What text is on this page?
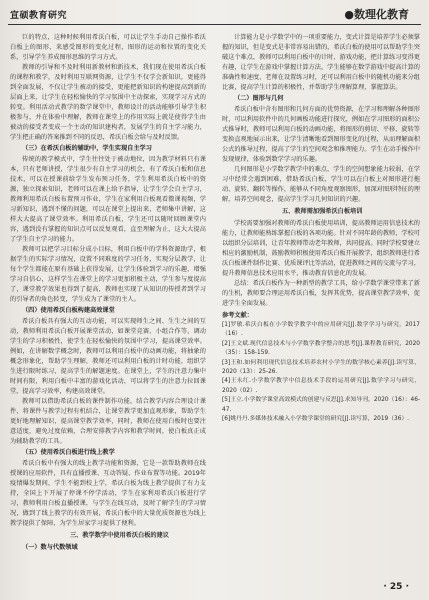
宣硕教育研究	●数理化教育

巨的特点，这种时候利用希沃白板，可以让学生手动自己操作希沃白板上的图形，来感受图形的变化过程，图形的运动和位置的变化关系，引导学生养成图形思维的学习方式。

教师的引导和不及时利用新教材和新技术，我们现在使用希沃白板的课程和教学，及时利用互联网资源，让学生不仅学会新知识，更能得到全面发展，不仅让学生被动的接受，更能把新知识的构建提高到新的层面上来，让学生在轻松愉快的学习氛围中主动探索，实现学习方式的转变。利用活动式教学的数学课堂中，教师设计的活动能够引导学生积极参与，并在体验中理解，教师在课堂上的作用实际上就是使得学生由被动的接受者变成一个主动的知识建构者，发展学生的自主学习能力，学生把正确的答案推到不同的反思，希沃白板会给与及时反馈。

（三）在希沃白板的辅助中，学生实现自主学习

传统的教学模式中，学生往往处于被动地位，因为教学材料只有课本，只有老师讲授，学生很少有自主学习的机会，有了希沃白板和信息技术，可以在授课前给学生发布预习任务，学生利用希沃白板中的资源，独立探索知识，老师可以在课上给予指导，让学生学会自主学习，教师利用希沃白板布置预习作业，学生在家利用白板观看微课视频，学习新知识，遇到不懂的问题，可以在课堂上提出来，老师集中讲解，这样大大提高了课堂效率。利用希沃白板，学生还可以随时回顾课堂内容，遇到没有掌握的知识点可以反复观看，直至理解为止，这大大提高了学生自主学习的能力。

教师可以把学习目标分成小目标，利用白板中的学科资源助学，根据学生的实际学习情况，设置不同难度的学习任务，实现分层教学，让每个学生都能在原有基础上获得发展，让学生体验到学习的乐趣，增强学习自信心，这样学生在课堂上的学习更加积极主动，学生参与度提高了，课堂教学效果也得到了提高，教师也实现了从知识的传授者到学习的引导者的角色转变，学生成为了课堂的主人。

（四）使用希沃白板构建高效课堂

希沃白板具有强大的互动功能，可以实现师生之间、生生之间的互动，教师利用希沃白板开展课堂活动，如课堂竞赛、小组合作等，调动学生的学习积极性，使学生在轻松愉快的氛围中学习，提高课堂效率。例如，在讲解数学概念时，教师可以利用白板中的动画功能，将抽象的概念形象化，帮助学生理解，教师还可以利用白板的计时功能，组织学生进行限时练习，提高学生的解题速度。在课堂上，学生的注意力集中时间有限，利用白板中丰富的游戏化活动，可以将学生的注意力拉回课堂，提高学习效率，构建高效课堂。

教师可以借助希沃白板的课件制作功能，结合教学内容合理设计课件，将课件与教学过程有机结合，让课堂教学更加直观形象，帮助学生更好地理解知识，提高课堂教学效率，同时，教师在使用白板时也要注意适度，避免过度依赖，合理安排教学内容和教学时间，使白板真正成为辅助教学的工具。

（五）使用希沃白板进行线上教学

希沃白板中有强大的线上教学功能和资源，它是一款帮助教师在线授课的应用软件，具有直播授课、互动答疑、作业布置等功能。2019年疫情爆发期间，学生不能到校上学，希沃白板为线上教学提供了有力支持，全国上下开展了停课不停学活动，学生在家利用希沃白板进行学习，教师利用白板直播授课，与学生在线互动，及时了解学生的学习情况，做到了线上教学的有效开展，希沃白板中的大量优质资源也为线上教学提供了保障，为学生居家学习提供了便利。

三、教学数学中使用希沃白板的建议

（一）数与代数领域

计算能力是小学数学中的一项重要能力，变式计算是培养学生必须掌握的知识，但是变式是非常容易出错的，希沃白板的使用可以帮助学生突破这个难点，教师可以利用白板中的计时、游戏功能，把计算练习变得更有趣，让学生在游戏中掌握计算方法，学生能够在数学游戏中提高计算的准确性和速度，老师在设置练习时，还可以利用白板中的随机功能来分组比赛，提高学生计算的积极性，并帮助学生理解算理，掌握算法。

（二）图形与几何

希沃白板中含有图形和几何方面的优势资源，在学习和理解各种图形时，可以利用软件中的几何画板功能进行探究，例如在学习图形的面积公式推导时，教师可以利用白板的动画功能，将图形的剪切、平移、旋转等变换直观地展示出来，让学生清晰地看到图形变化的过程，从而理解面积公式的推导过程，提高了学生的空间观念和推理能力。学生在动手操作中发现规律，体验到数学学习的乐趣。

几何图形是小学数学教学中的难点，学生的空间想象能力较弱，在学习中经常会遇到困难，借助希沃白板，学生可以在白板上对图形进行拖动、旋转、翻转等操作，能够从不同角度观察图形，加深对图形特征的理解，培养空间观念，提高学生学习几何知识的兴趣。

五、教师需加强希沃白板培训

学校需要加强对教师的希沃白板使用培训，提高教师运用信息技术的能力，让教师能熟练掌握白板的各项功能。针对不同年龄的教师，学校可以组织分层培训，让青年教师带动老年教师，共同提高。同时学校要建立相应的激励机制，鼓励教师积极使用希沃白板开展教学，组织教师进行希沃白板课件制作比赛、优质课评比等活动，促进教师之间的交流与学习，提升教师信息技术应用水平，推动教育信息化的发展。

总结：希沃白板作为一种新型的教学工具，给小学数学课堂带来了新的生机，教师要合理运用希沃白板，发挥其优势，提高课堂教学效率，促进学生全面发展。

参考文献：

[1]罗敏.希沃白板在小学数学教学中的应用研究[J].数学学习与研究，2017（16）.

[2]王文斌.现代信息技术与小学数学教学整合的思考[J].课程教育研究，2020（35）：158-159.

[3]王和.如何利用现代信息技术培养农村小学生的数学核心素养[J].读写算，2020（13）：25-26.

[4]王永红.小学数学教学中信息技术手段的运用研究[J].数学学习与研究，2020（02）.

[5]王立.小学数学课堂高效模式的创建与反思[J].求知导刊，2020（16）：46-47.

[6]姚丹丹.多媒体技术融入小学数学课堂的研究[J].读写算，2019（36）.

· 25 ·
